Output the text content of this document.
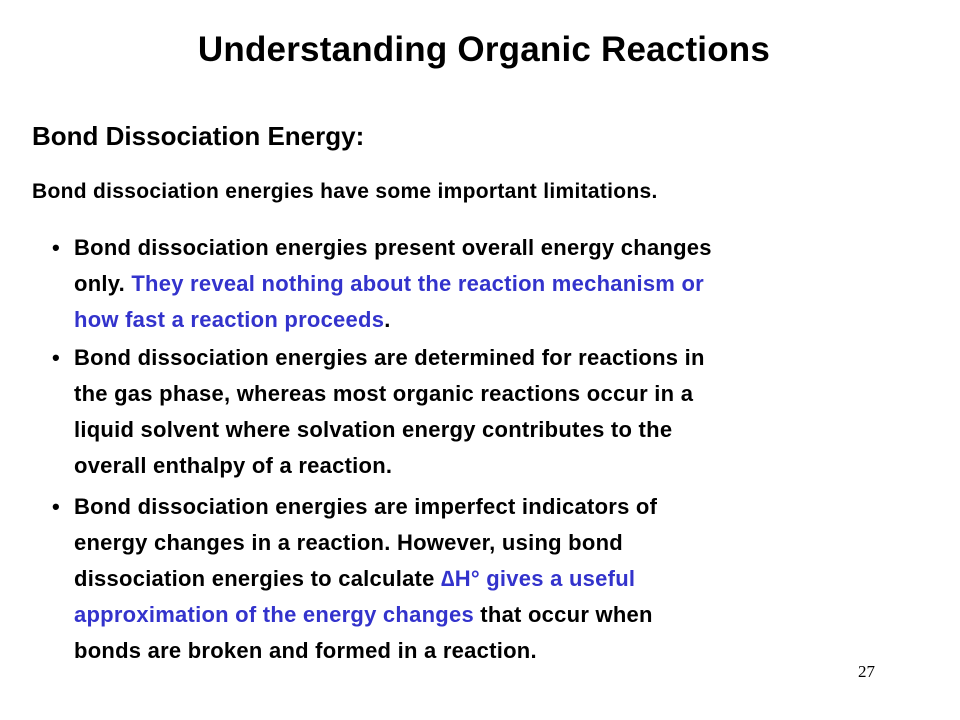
Understanding Organic Reactions
Bond Dissociation Energy:
Bond dissociation energies have some important limitations.
• Bond dissociation energies present overall energy changes
only. They reveal nothing about the reaction mechanism or
how fast a reaction proceeds.
• Bond dissociation energies are determined for reactions in
the gas phase, whereas most organic reactions occur in a
liquid solvent where solvation energy contributes to the
overall enthalpy of a reaction.
• Bond dissociation energies are imperfect indicators of
energy changes in a reaction. However, using bond
dissociation energies to calculate ∆H° gives a useful
approximation of the energy changes that occur when
bonds are broken and formed in a reaction.
27
